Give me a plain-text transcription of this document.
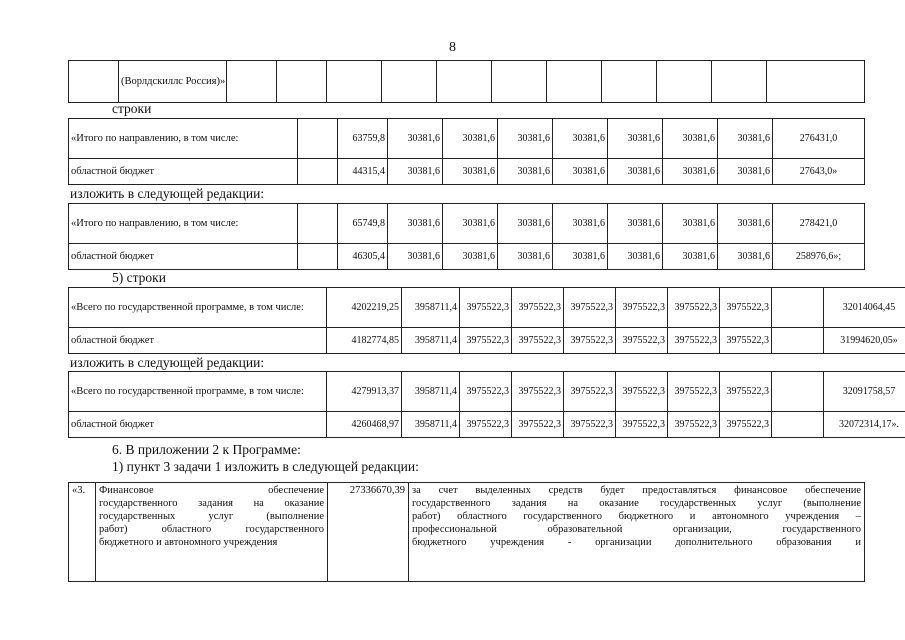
8
	(Ворлдскиллс Россия)»											
строки
«Итого по направлению, в том числе:		63759,8	30381,6	30381,6	30381,6	30381,6	30381,6	30381,6	30381,6	276431,0
областной бюджет		44315,4	30381,6	30381,6	30381,6	30381,6	30381,6	30381,6	30381,6	27643,0»
изложить в следующей редакции:
«Итого по направлению, в том числе:		65749,8	30381,6	30381,6	30381,6	30381,6	30381,6	30381,6	30381,6	278421,0
областной бюджет		46305,4	30381,6	30381,6	30381,6	30381,6	30381,6	30381,6	30381,6	258976,6»;
5) строки
«Всего по государственной программе, в том числе:	4202219,25	3958711,4	3975522,3	3975522,3	3975522,3	3975522,3	3975522,3	3975522,3		32014064,45
областной бюджет	4182774,85	3958711,4	3975522,3	3975522,3	3975522,3	3975522,3	3975522,3	3975522,3		31994620,05»
изложить в следующей редакции:
«Всего по государственной программе, в том числе:	4279913,37	3958711,4	3975522,3	3975522,3	3975522,3	3975522,3	3975522,3	3975522,3		32091758,57
областной бюджет	4260468,97	3958711,4	3975522,3	3975522,3	3975522,3	3975522,3	3975522,3	3975522,3		32072314,17».
6. В приложении 2 к Программе:
1) пункт 3 задачи 1 изложить в следующей редакции:
«3.	Финансовое обеспечение
государственного задания на оказание
государственных услуг (выполнение
работ) областного государственного
бюджетного и автономного учреждения
	27336670,39	за счет выделенных средств будет предоставляться финансовое обеспечение
государственного задания на оказание государственных услуг (выполнение
работ) областного государственного бюджетного и автономного учреждения –
профессиональной образовательной организации, государственного
бюджетного учреждения - организации дополнительного образования и
